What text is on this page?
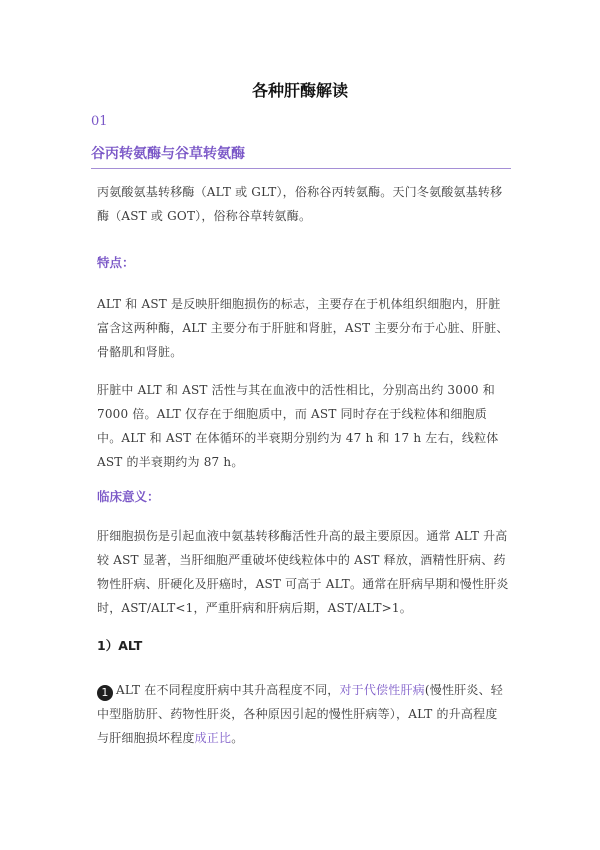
各种肝酶解读
01
谷丙转氨酶与谷草转氨酶

丙氨酸氨基转移酶（ALT 或 GLT），俗称谷丙转氨酶。天门冬氨酸氨基转移酶（AST 或 GOT），俗称谷草转氨酶。

特点：

ALT 和 AST 是反映肝细胞损伤的标志，主要存在于机体组织细胞内，肝脏富含这两种酶，ALT 主要分布于肝脏和肾脏，AST 主要分布于心脏、肝脏、骨骼肌和肾脏。

肝脏中 ALT 和 AST 活性与其在血液中的活性相比，分别高出约 3000 和 7000 倍。ALT 仅存在于细胞质中，而 AST 同时存在于线粒体和细胞质中。ALT 和 AST 在体循环的半衰期分别约为 47 h 和 17 h 左右，线粒体 AST 的半衰期约为 87 h。

临床意义：

肝细胞损伤是引起血液中氨基转移酶活性升高的最主要原因。通常 ALT 升高较 AST 显著，当肝细胞严重破坏使线粒体中的 AST 释放，酒精性肝病、药物性肝病、肝硬化及肝癌时，AST 可高于 ALT。通常在肝病早期和慢性肝炎时，AST/ALT<1，严重肝病和肝病后期，AST/ALT>1。

1）ALT

1 ALT 在不同程度肝病中其升高程度不同，对于代偿性肝病(慢性肝炎、轻中型脂肪肝、药物性肝炎，各种原因引起的慢性肝病等），ALT 的升高程度与肝细胞损坏程度成正比。
